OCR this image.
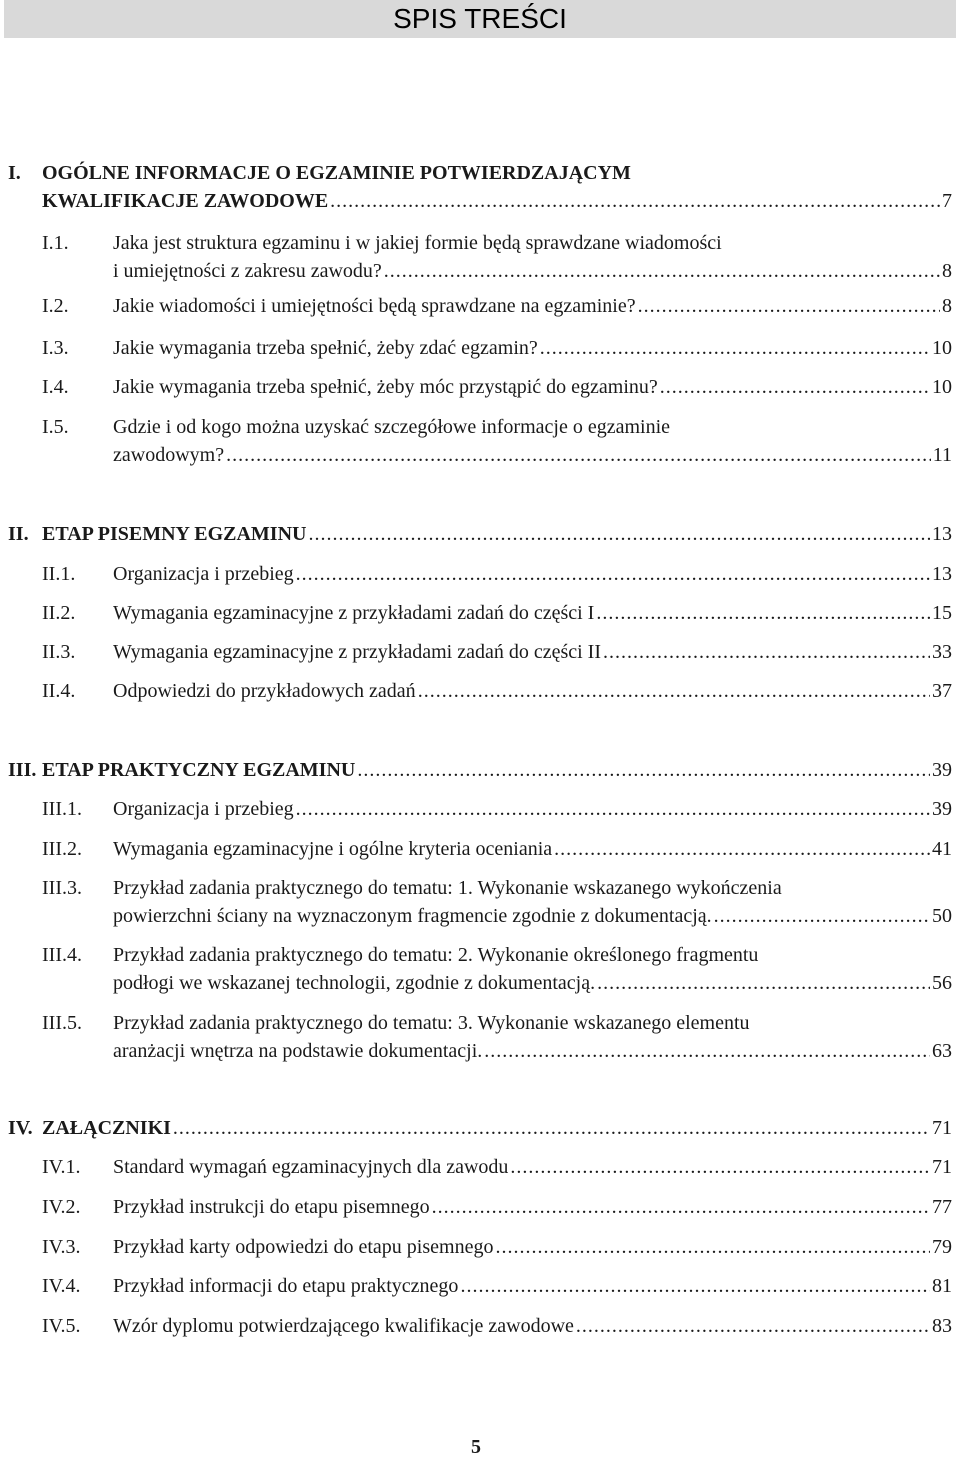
SPIS TREŚCI
I. OGÓLNE INFORMACJE O EGZAMINIE POTWIERDZAJĄCYM
KWALIFIKACJE ZAWODOWE .....	7
I.1. Jaka jest struktura egzaminu i w jakiej formie będą sprawdzane wiadomości
i umiejętności z zakresu zawodu? .....	8
I.2. Jakie wiadomości i umiejętności będą sprawdzane na egzaminie? .....	8
I.3. Jakie wymagania trzeba spełnić, żeby zdać egzamin? .....	10
I.4. Jakie wymagania trzeba spełnić, żeby móc przystąpić do egzaminu? .....	10
I.5. Gdzie i od kogo można uzyskać szczegółowe informacje o egzaminie
zawodowym? .....	11
II. ETAP PISEMNY EGZAMINU .....	13
II.1. Organizacja i przebieg .....	13
II.2. Wymagania egzaminacyjne z przykładami zadań do części I .....	15
II.3. Wymagania egzaminacyjne z przykładami zadań do części II .....	33
II.4. Odpowiedzi do przykładowych zadań .....	37
III. ETAP PRAKTYCZNY EGZAMINU .....	39
III.1. Organizacja i przebieg .....	39
III.2. Wymagania egzaminacyjne i ogólne kryteria oceniania .....	41
III.3. Przykład zadania praktycznego do tematu: 1. Wykonanie wskazanego wykończenia
powierzchni ściany na wyznaczonym fragmencie zgodnie z dokumentacją. .....	50
III.4. Przykład zadania praktycznego do tematu: 2. Wykonanie określonego fragmentu
podłogi we wskazanej technologii, zgodnie z dokumentacją. .....	56
III.5. Przykład zadania praktycznego do tematu: 3. Wykonanie wskazanego elementu
aranżacji wnętrza na podstawie dokumentacji. .....	63
IV. ZAŁĄCZNIKI .....	71
IV.1. Standard wymagań egzaminacyjnych dla zawodu .....	71
IV.2. Przykład instrukcji do etapu pisemnego .....	77
IV.3. Przykład karty odpowiedzi do etapu pisemnego .....	79
IV.4. Przykład informacji do etapu praktycznego .....	81
IV.5. Wzór dyplomu potwierdzającego kwalifikacje zawodowe .....	83
5
